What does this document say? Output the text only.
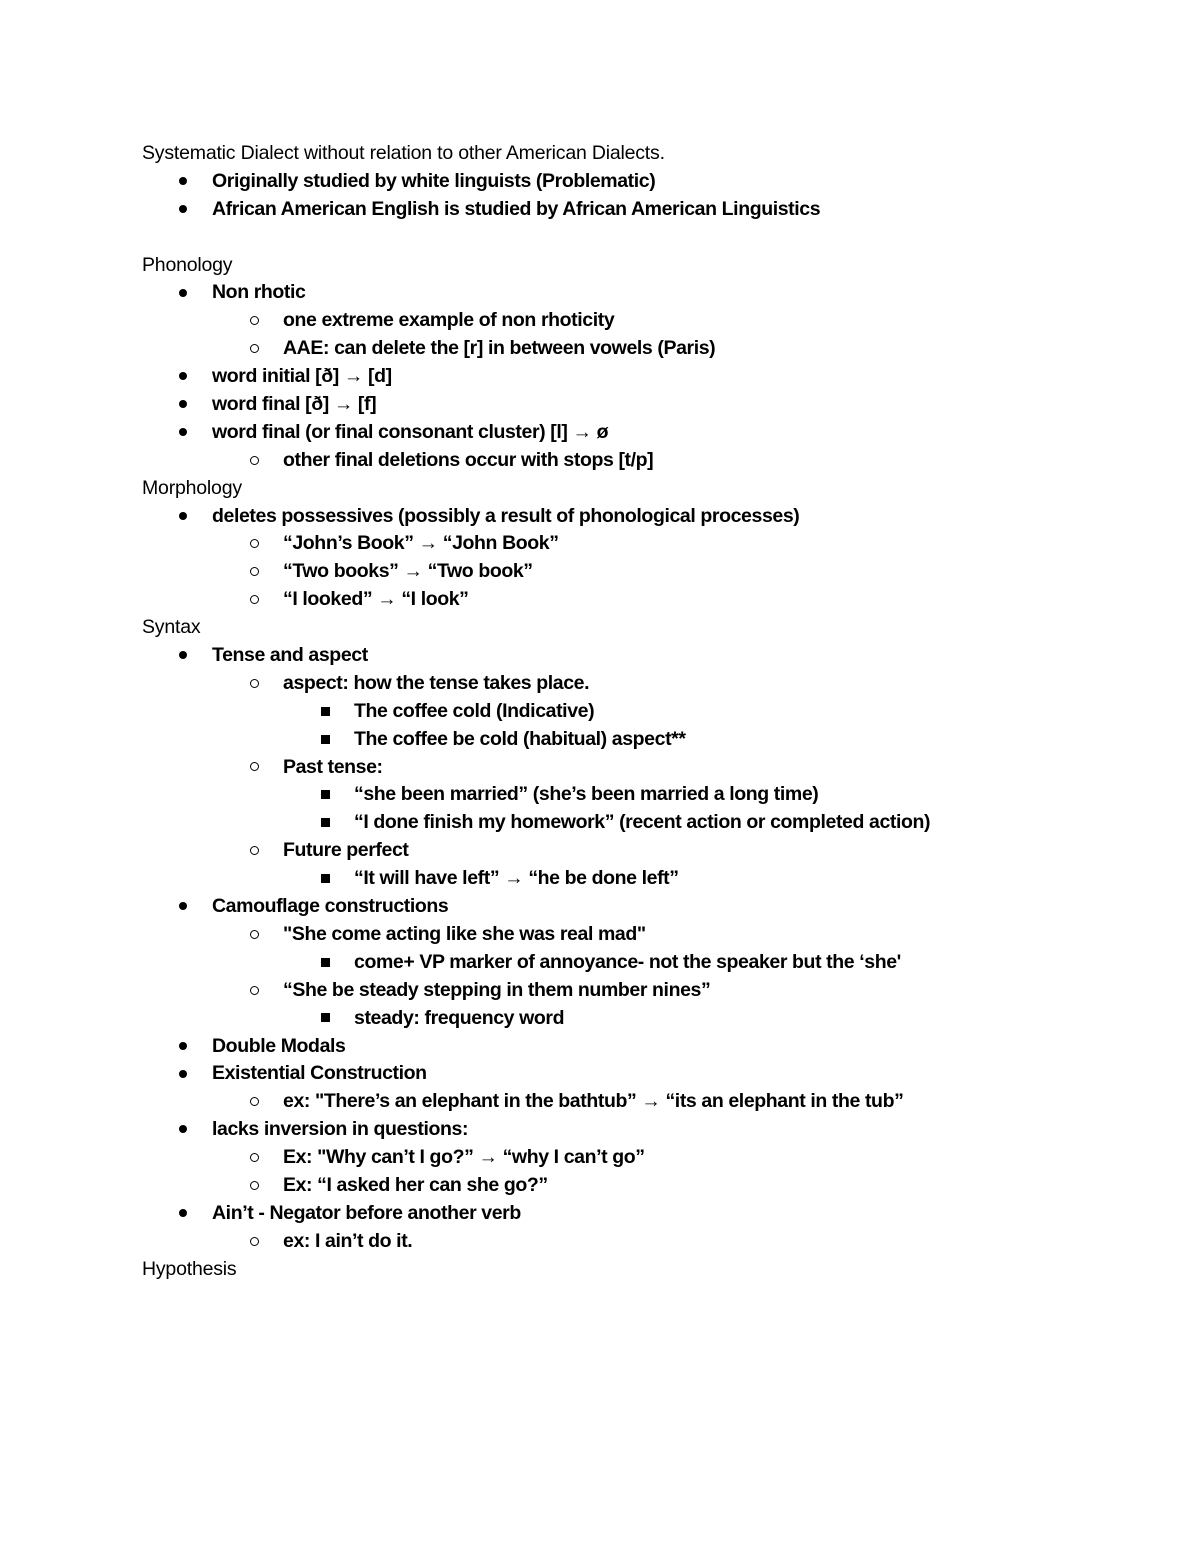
Systematic Dialect without relation to other American Dialects.
Originally studied by white linguists (Problematic)
African American English is studied by African American Linguistics
Phonology
Non rhotic
one extreme example of non rhoticity
AAE: can delete the [r] in between vowels (Paris)
word initial [ð] → [d]
word final [ð] → [f]
word final (or final consonant cluster) [l] → ø
other final deletions occur with stops [t/p]
Morphology
deletes possessives (possibly a result of phonological processes)
“John’s Book” → “John Book”
“Two books” → “Two book”
“I looked” → “I look”
Syntax
Tense and aspect
aspect: how the tense takes place.
The coffee cold (Indicative)
The coffee be cold (habitual) aspect**
Past tense:
“she been married” (she’s been married a long time)
“I done finish my homework” (recent action or completed action)
Future perfect
“It will have left” → “he be done left”
Camouflage constructions
"She come acting like she was real mad"
come+ VP marker of annoyance- not the speaker but the ‘she'
“She be steady stepping in them number nines”
steady: frequency word
Double Modals
Existential Construction
ex: "There’s an elephant in the bathtub” → “its an elephant in the tub”
lacks inversion in questions:
Ex: "Why can’t I go?” → “why I can’t go”
Ex: “I asked her can she go?”
Ain’t - Negator before another verb
ex: I ain’t do it.
Hypothesis
